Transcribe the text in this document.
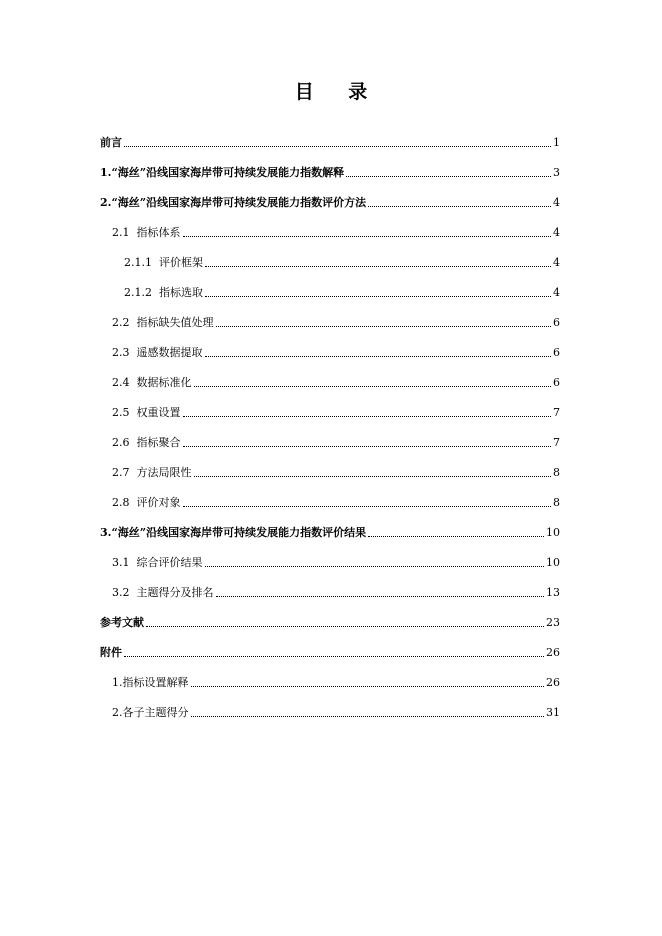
目 录
前言	1
1. “海丝”沿线国家海岸带可持续发展能力指数解释	3
2. “海丝”沿线国家海岸带可持续发展能力指数评价方法	4
2.1 指标体系	4
2.1.1 评价框架	4
2.1.2 指标选取	4
2.2 指标缺失值处理	6
2.3 遥感数据提取	6
2.4 数据标准化	6
2.5 权重设置	7
2.6 指标聚合	7
2.7 方法局限性	8
2.8 评价对象	8
3. “海丝”沿线国家海岸带可持续发展能力指数评价结果	10
3.1 综合评价结果	10
3.2 主题得分及排名	13
参考文献	23
附件	26
1. 指标设置解释	26
2. 各子主题得分	31
